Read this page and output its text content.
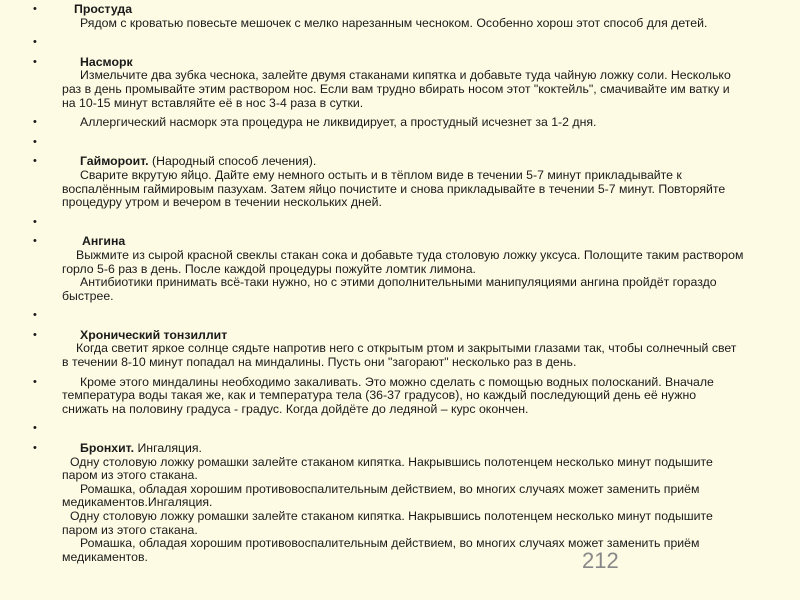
• Простуда
Рядом с кроватью повесьте мешочек с мелко нарезанным чесноком. Особенно хорош этот способ для детей.
•
• Насморк
Измельчите два зубка чеснока, залейте двумя стаканами кипятка и добавьте туда чайную ложку соли. Несколько раз в день промывайте этим раствором нос. Если вам трудно вбирать носом этот "коктейль", смачивайте им ватку и на 10-15 минут вставляйте её в нос 3-4 раза в сутки.
• Аллергический насморк эта процедура не ликвидирует, а простудный исчезнет за 1-2 дня.
•
• Гаймороит. (Народный способ лечения).
Сварите вкрутую яйцо. Дайте ему немного остыть и в тёплом виде в течении 5-7 минут прикладывайте к воспалённым гаймировым пазухам. Затем яйцо почистите и снова прикладывайте в течении 5-7 минут. Повторяйте процедуру утром и вечером в течении нескольких дней.
•
• Ангина
Выжмите из сырой красной свеклы стакан сока и добавьте туда столовую ложку уксуса. Полощите таким раствором горло 5-6 раз в день. После каждой процедуры пожуйте ломтик лимона.
Антибиотики принимать всё-таки нужно, но с этими дополнительными манипуляциями ангина пройдёт гораздо быстрее.
•
• Хронический тонзиллит
Когда светит яркое солнце сядьте напротив него с открытым ртом и закрытыми глазами так, чтобы солнечный свет в течении 8-10 минут попадал на миндалины. Пусть они "загорают" несколько раз в день.
• Кроме этого миндалины необходимо закаливать. Это можно сделать с помощью водных полосканий. Вначале температура воды такая же, как и температура тела (36-37 градусов), но каждый последующий день её нужно снижать на половину градуса - градус. Когда дойдёте до ледяной – курс окончен.
•
• Бронхит. Ингаляция.
Одну столовую ложку ромашки залейте стаканом кипятка. Накрывшись полотенцем несколько минут подышите паром из этого стакана.
Ромашка, обладая хорошим противовоспалительным действием, во многих случаях может заменить приём медикаментов.Ингаляция.
Одну столовую ложку ромашки залейте стаканом кипятка. Накрывшись полотенцем несколько минут подышите паром из этого стакана.
Ромашка, обладая хорошим противовоспалительным действием, во многих случаях может заменить приём медикаментов.	212
